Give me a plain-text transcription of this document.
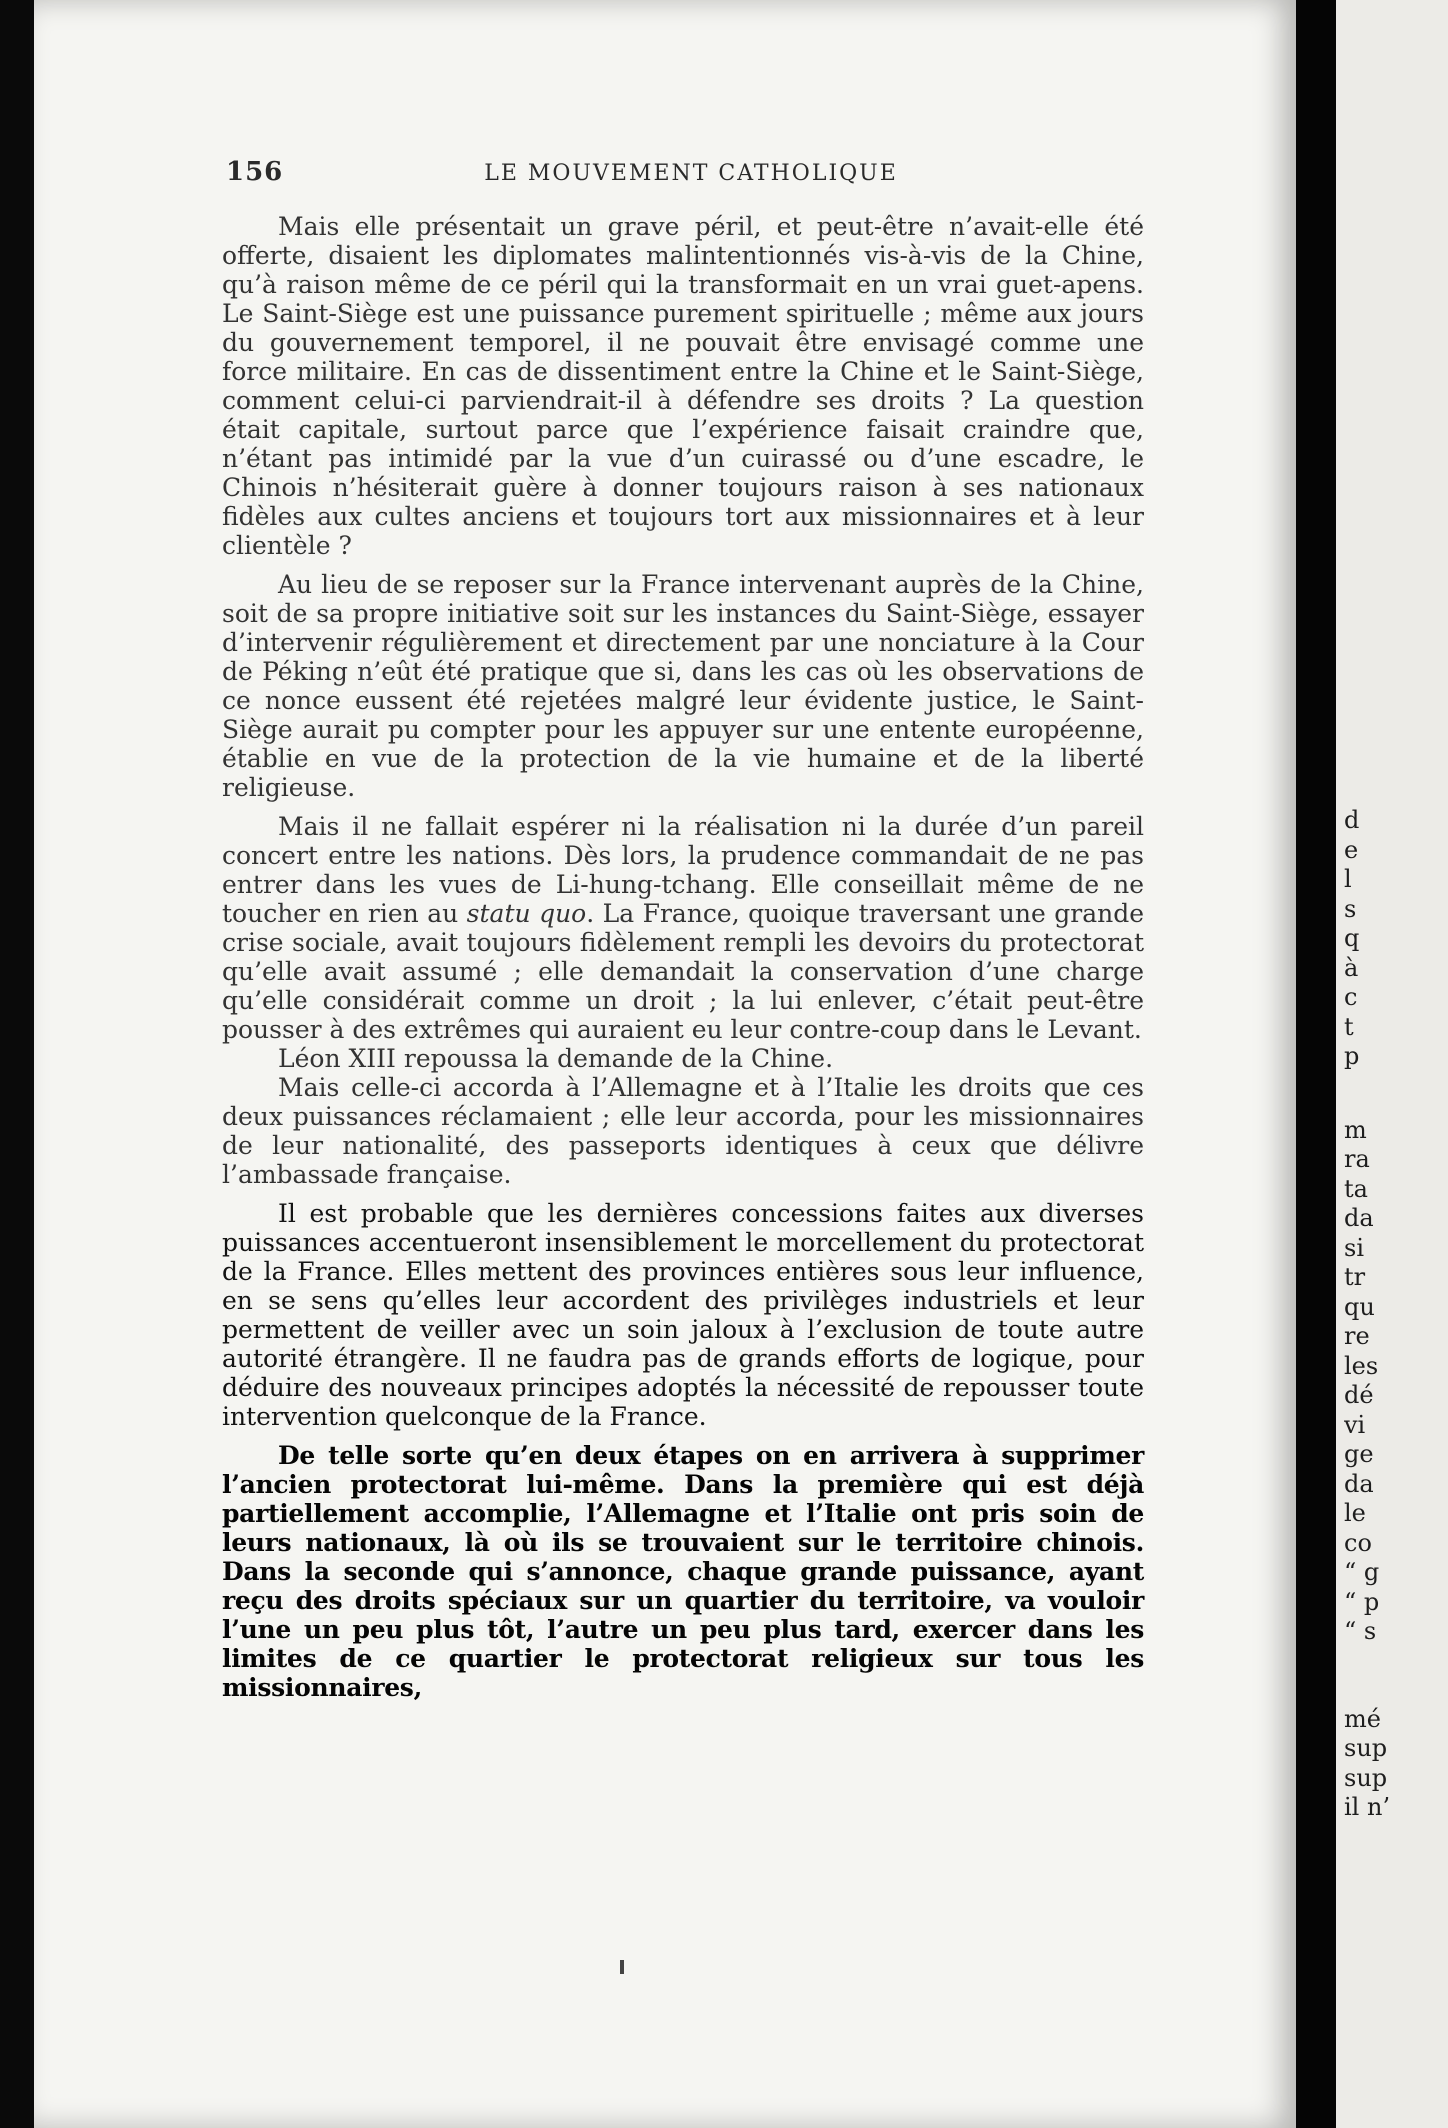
156	LE MOUVEMENT CATHOLIQUE

Mais elle présentait un grave péril, et peut-être n’avait-elle été offerte, disaient les diplomates malintentionnés vis-à-vis de la Chine, qu’à raison même de ce péril qui la transformait en un vrai guet-apens. Le Saint-Siège est une puissance purement spirituelle ; même aux jours du gouvernement temporel, il ne pouvait être envisagé comme une force militaire. En cas de dissentiment entre la Chine et le Saint-Siège, comment celui-ci parviendrait-il à défendre ses droits ? La question était capitale, surtout parce que l’expérience faisait craindre que, n’étant pas intimidé par la vue d’un cuirassé ou d’une escadre, le Chinois n’hésiterait guère à donner toujours raison à ses nationaux fidèles aux cultes anciens et toujours tort aux missionnaires et à leur clientèle ?

Au lieu de se reposer sur la France intervenant auprès de la Chine, soit de sa propre initiative soit sur les instances du Saint-Siège, essayer d’intervenir régulièrement et directement par une nonciature à la Cour de Péking n’eût été pratique que si, dans les cas où les observations de ce nonce eussent été rejetées malgré leur évidente justice, le Saint-Siège aurait pu compter pour les appuyer sur une entente européenne, établie en vue de la protection de la vie humaine et de la liberté religieuse.

Mais il ne fallait espérer ni la réalisation ni la durée d’un pareil concert entre les nations. Dès lors, la prudence commandait de ne pas entrer dans les vues de Li-hung-tchang. Elle conseillait même de ne toucher en rien au statu quo. La France, quoique traversant une grande crise sociale, avait toujours fidèlement rempli les devoirs du protectorat qu’elle avait assumé ; elle demandait la conservation d’une charge qu’elle considérait comme un droit ; la lui enlever, c’était peut-être pousser à des extrêmes qui auraient eu leur contre-coup dans le Levant.

Léon XIII repoussa la demande de la Chine.

Mais celle-ci accorda à l’Allemagne et à l’Italie les droits que ces deux puissances réclamaient ; elle leur accorda, pour les missionnaires de leur nationalité, des passeports identiques à ceux que délivre l’ambassade française.

Il est probable que les dernières concessions faites aux diverses puissances accentueront insensiblement le morcellement du protectorat de la France. Elles mettent des provinces entières sous leur influence, en se sens qu’elles leur accordent des privilèges industriels et leur permettent de veiller avec un soin jaloux à l’exclusion de toute autre autorité étrangère. Il ne faudra pas de grands efforts de logique, pour déduire des nouveaux principes adoptés la nécessité de repousser toute intervention quelconque de la France.

De telle sorte qu’en deux étapes on en arrivera à supprimer l’ancien protectorat lui-même. Dans la première qui est déjà partiellement accomplie, l’Allemagne et l’Italie ont pris soin de leurs nationaux, là où ils se trouvaient sur le territoire chinois. Dans la seconde qui s’annonce, chaque grande puissance, ayant reçu des droits spéciaux sur un quartier du territoire, va vouloir l’une un peu plus tôt, l’autre un peu plus tard, exercer dans les limites de ce quartier le protectorat religieux sur tous les missionnaires,

d
e
l
s
q
à
c
t
p
m
ra
ta
da
si
tr
qu
re
les
dé
vi
ge
da
le
co
“ g
“ p
“ s
mé
sup
sup
il n’
